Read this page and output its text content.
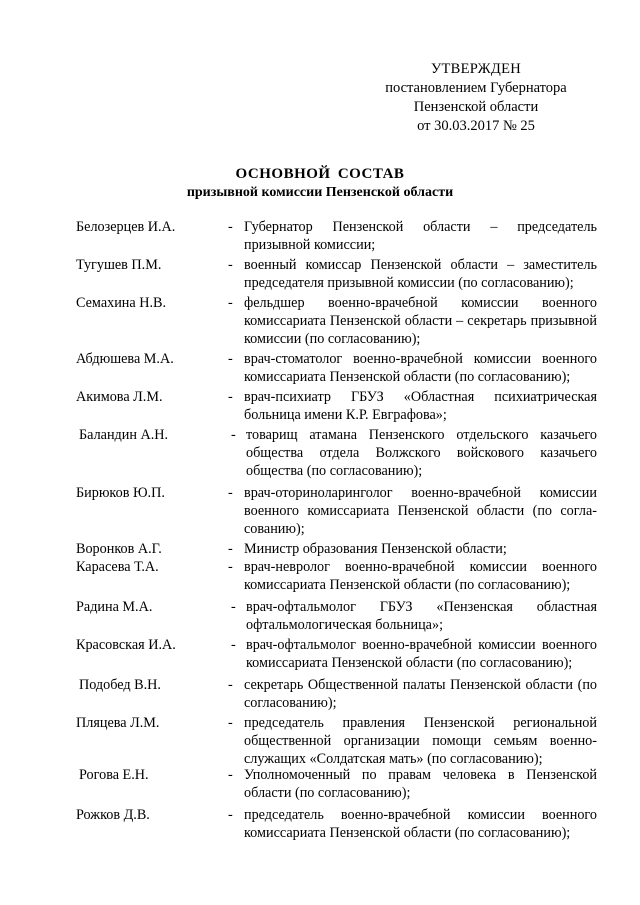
УТВЕРЖДЕН
постановлением Губернатора
Пензенской области
от 30.03.2017 № 25
ОСНОВНОЙ СОСТАВ
призывной комиссии Пензенской области
Белозерцев И.А.	- Губернатор Пензенской области – председатель призывной комиссии;
Тугушев П.М.	- военный комиссар Пензенской области – заместитель председателя призывной комиссии (по согласованию);
Семахина Н.В.	- фельдшер военно-врачебной комиссии военного комиссариата Пензенской области – секретарь призывной комиссии (по согласованию);
Абдюшева М.А.	- врач-стоматолог военно-врачебной комиссии военного комиссариата Пензенской области (по согласованию);
Акимова Л.М.	- врач-психиатр ГБУЗ «Областная психиатрическая больница имени К.Р. Евграфова»;
Баландин А.Н.	- товарищ атамана Пензенского отдельского казачьего общества отдела Волжского войскового казачьего общества (по согласованию);
Бирюков Ю.П.	- врач-оториноларинголог военно-врачебной комиссии военного комиссариата Пензенской области (по согласованию);
Воронков А.Г.	- Министр образования Пензенской области;
Карасева Т.А.	- врач-невролог военно-врачебной комиссии военного комиссариата Пензенской области (по согласованию);
Радина М.А.	- врач-офтальмолог ГБУЗ «Пензенская областная офтальмологическая больница»;
Красовская И.А.	- врач-офтальмолог военно-врачебной комиссии военного комиссариата Пензенской области (по согласованию);
Подобед В.Н.	- секретарь Общественной палаты Пензенской области (по согласованию);
Пляцева Л.М.	- председатель правления Пензенской региональной общественной организации помощи семьям военнослужащих «Солдатская мать» (по согласованию);
Рогова Е.Н.	- Уполномоченный по правам человека в Пензенской области (по согласованию);
Рожков Д.В.	- председатель военно-врачебной комиссии военного комиссариата Пензенской области (по согласованию);
